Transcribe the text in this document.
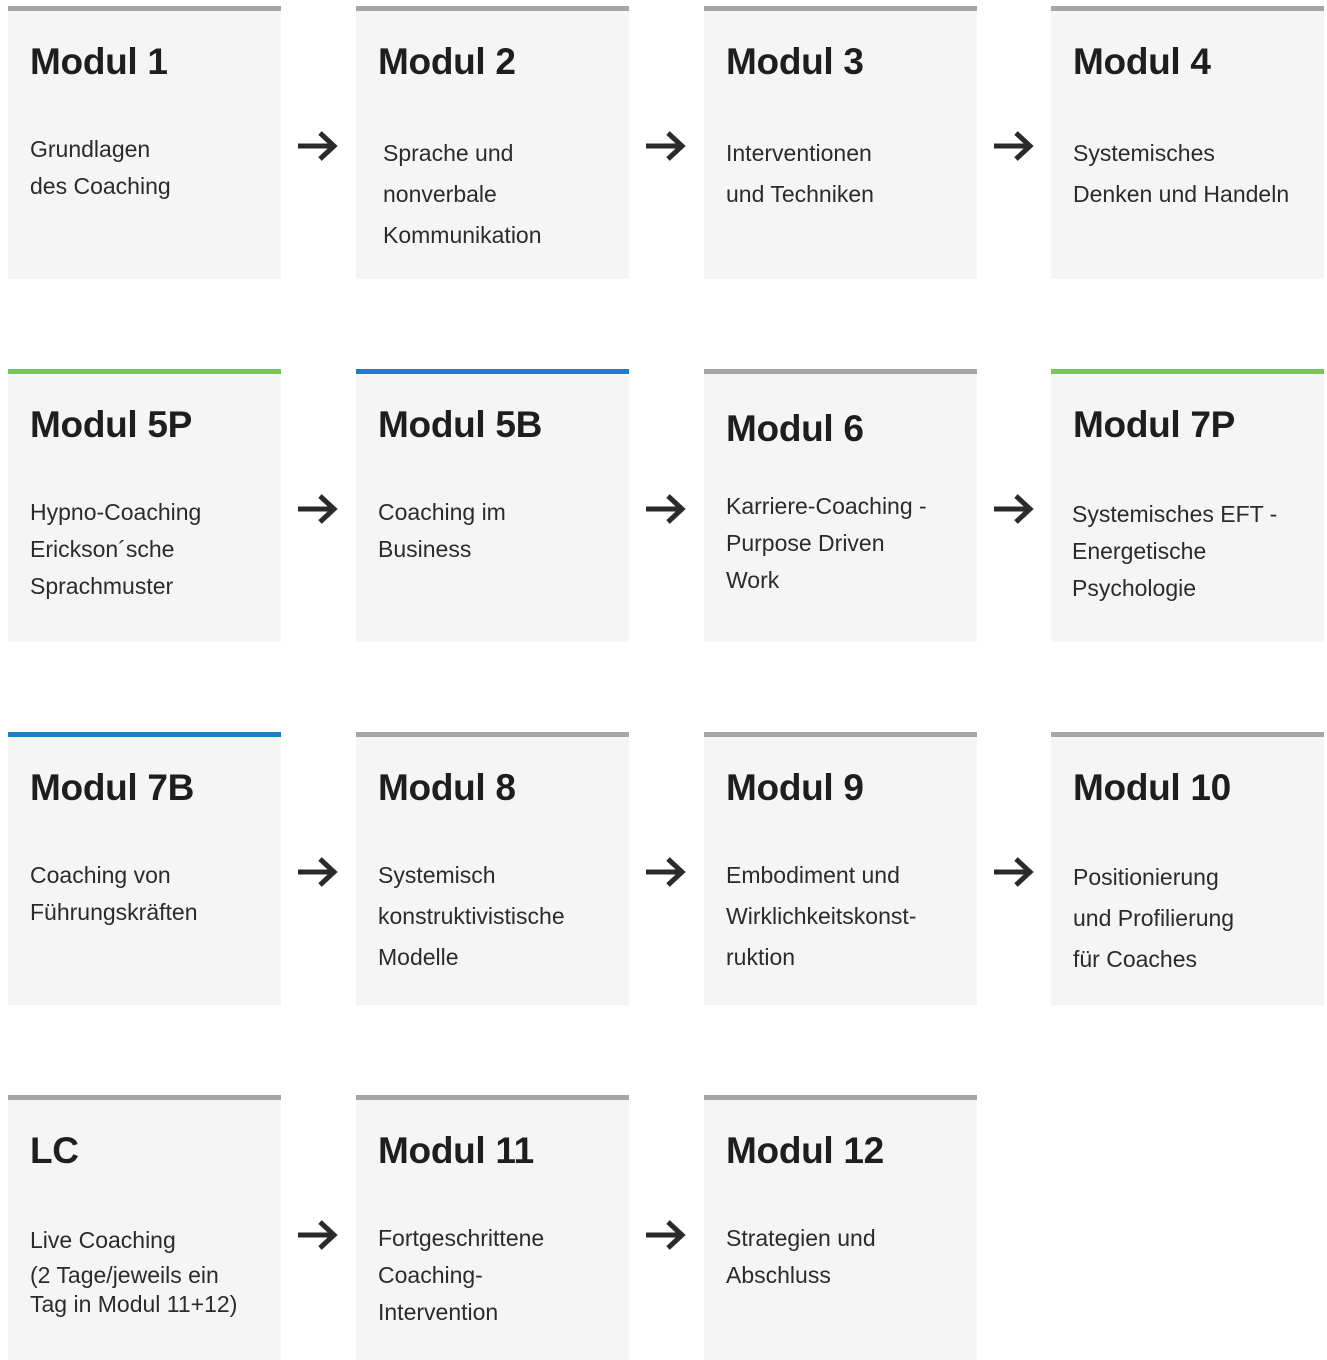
Modul 1
Grundlagen
des Coaching
Modul 2
Sprache und
nonverbale
Kommunikation
Modul 3
Interventionen
und Techniken
Modul 4
Systemisches
Denken und Handeln
Modul 5P
Hypno-Coaching
Erickson´sche
Sprachmuster
Modul 5B
Coaching im
Business
Modul 6
Karriere-Coaching -
Purpose Driven
Work
Modul 7P
Systemisches EFT -
Energetische
Psychologie
Modul 7B
Coaching von
Führungskräften
Modul 8
Systemisch
konstruktivistische
Modelle
Modul 9
Embodiment und
Wirklichkeitskonst-
ruktion
Modul 10
Positionierung
und Profilierung
für Coaches
LC
Live Coaching
(2 Tage/jeweils ein
Tag in Modul 11+12)
Modul 11
Fortgeschrittene
Coaching-
Intervention
Modul 12
Strategien und
Abschluss
